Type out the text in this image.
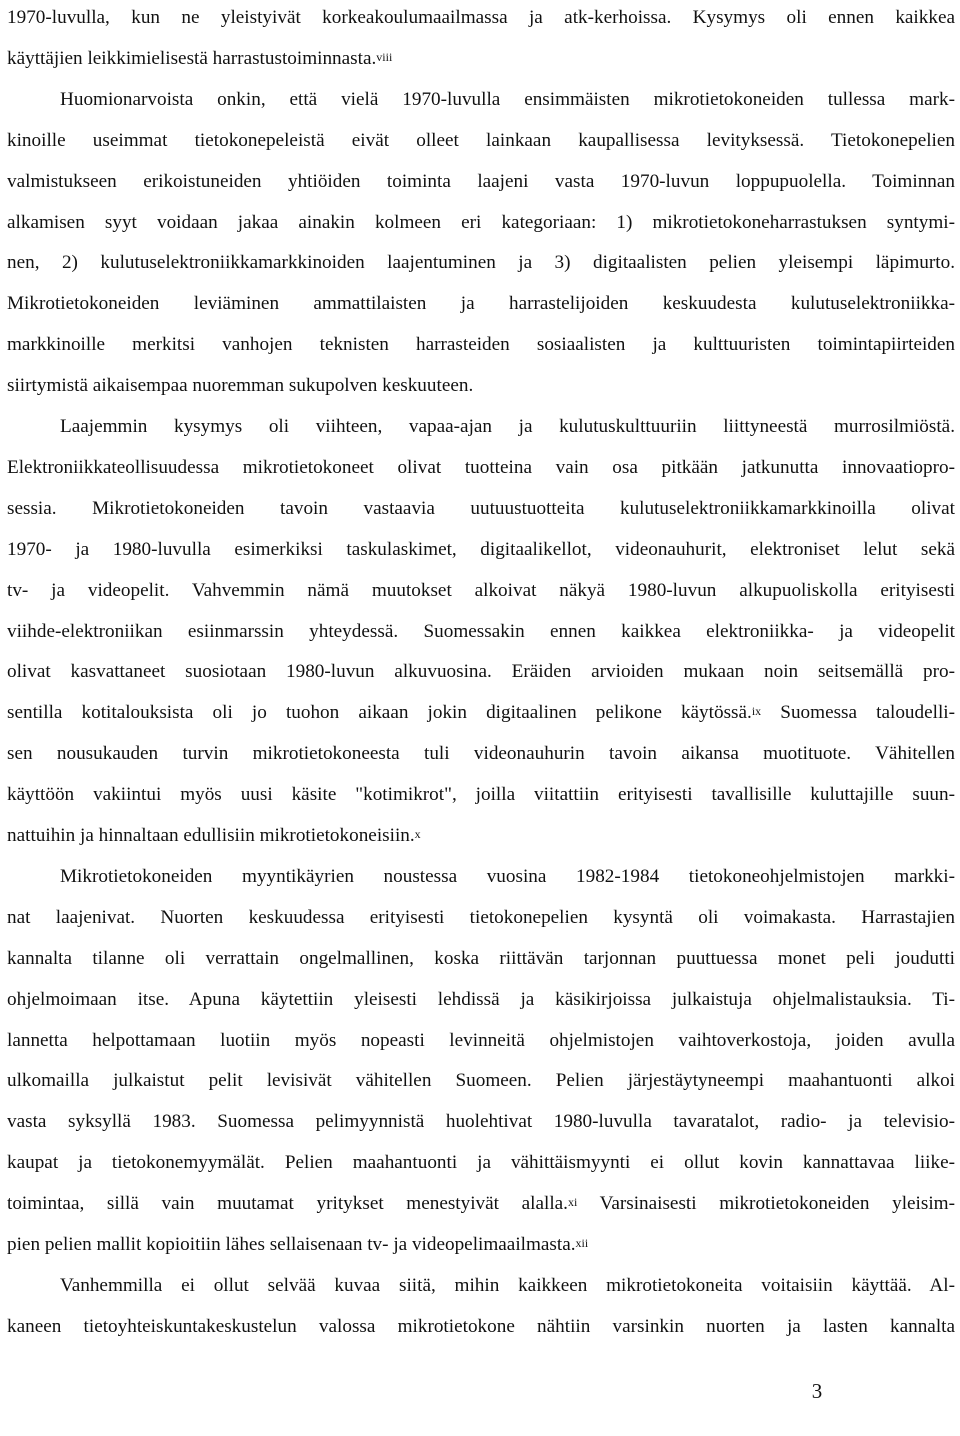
1970-luvulla, kun ne yleistyivät korkeakoulumaailmassa ja atk-kerhoissa. Kysymys oli ennen kaikkea
käyttäjien leikkimielisestä harrastustoiminnasta.$^{viii}$
Huomionarvoista onkin, että vielä 1970-luvulla ensimmäisten mikrotietokoneiden tullessa mark-
kinoille useimmat tietokonepeleistä eivät olleet lainkaan kaupallisessa levityksessä. Tietokonepelien
valmistukseen erikoistuneiden yhtiöiden toiminta laajeni vasta 1970-luvun loppupuolella. Toiminnan
alkamisen syyt voidaan jakaa ainakin kolmeen eri kategoriaan: 1) mikrotietokoneharrastuksen syntymi-
nen, 2) kulutuselektroniikkamarkkinoiden laajentuminen ja 3) digitaalisten pelien yleisempi läpimurto.
Mikrotietokoneiden leviäminen ammattilaisten ja harrastelijoiden keskuudesta kulutuselektroniikka-
markkinoille merkitsi vanhojen teknisten harrasteiden sosiaalisten ja kulttuuristen toimintapiirteiden
siirtymistä aikaisempaa nuoremman sukupolven keskuuteen.
Laajemmin kysymys oli viihteen, vapaa-ajan ja kulutuskulttuuriin liittyneestä murrosilmiöstä.
Elektroniikkateollisuudessa mikrotietokoneet olivat tuotteina vain osa pitkään jatkunutta innovaatiopro-
sessia. Mikrotietokoneiden tavoin vastaavia uutuustuotteita kulutuselektroniikkamarkkinoilla olivat
1970- ja 1980-luvulla esimerkiksi taskulaskimet, digitaalikellot, videonauhurit, elektroniset lelut sekä
tv- ja videopelit. Vahvemmin nämä muutokset alkoivat näkyä 1980-luvun alkupuoliskolla erityisesti
viihde-elektroniikan esiinmarssin yhteydessä. Suomessakin ennen kaikkea elektroniikka- ja videopelit
olivat kasvattaneet suosiotaan 1980-luvun alkuvuosina. Eräiden arvioiden mukaan noin seitsemällä pro-
sentilla kotitalouksista oli jo tuohon aikaan jokin digitaalinen pelikone käytössä.$^{ix}$ Suomessa taloudelli-
sen nousukauden turvin mikrotietokoneesta tuli videonauhurin tavoin aikansa muotituote. Vähitellen
käyttöön vakiintui myös uusi käsite "kotimikrot", joilla viitattiin erityisesti tavallisille kuluttajille suun-
nattuihin ja hinnaltaan edullisiin mikrotietokoneisiin.$^x$
Mikrotietokoneiden myyntikäyrien noustessa vuosina 1982-1984 tietokoneohjelmistojen markki-
nat laajenivat. Nuorten keskuudessa erityisesti tietokonepelien kysyntä oli voimakasta. Harrastajien
kannalta tilanne oli verrattain ongelmallinen, koska riittävän tarjonnan puuttuessa monet peli joudutti
ohjelmoimaan itse. Apuna käytettiin yleisesti lehdissä ja käsikirjoissa julkaistuja ohjelmalistauksia. Ti-
lannetta helpottamaan luotiin myös nopeasti levinneitä ohjelmistojen vaihtoverkostoja, joiden avulla
ulkomailla julkaistut pelit levisivät vähitellen Suomeen. Pelien järjestäytyneempi maahantuonti alkoi
vasta syksyllä 1983. Suomessa pelimyynnistä huolehtivat 1980-luvulla tavaratalot, radio- ja televisio-
kaupat ja tietokonemyymälät. Pelien maahantuonti ja vähittäismyynti ei ollut kovin kannattavaa liike-
toimintaa, sillä vain muutamat yritykset menestyivät alalla.$^{xi}$ Varsinaisesti mikrotietokoneiden yleisim-
pien pelien mallit kopioitiin lähes sellaisenaan tv- ja videopelimaailmasta.$^{xii}$
Vanhemmilla ei ollut selvää kuvaa siitä, mihin kaikkeen mikrotietokoneita voitaisiin käyttää. Al-
kaneen tietoyhteiskuntakeskustelun valossa mikrotietokone nähtiin varsinkin nuorten ja lasten kannalta
3
